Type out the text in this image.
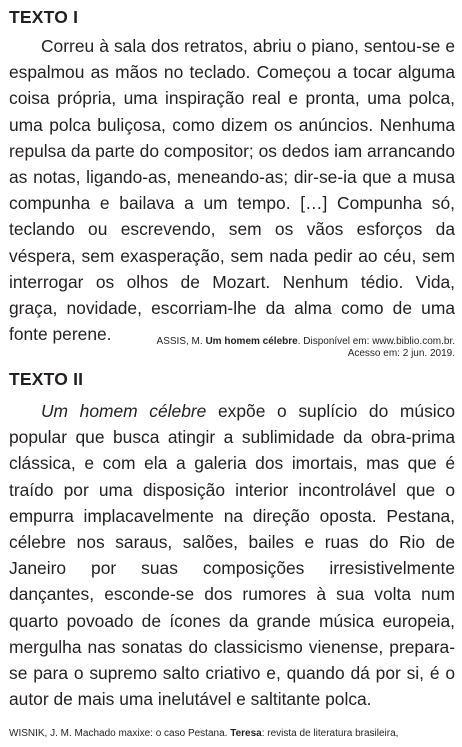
TEXTO I

Correu à sala dos retratos, abriu o piano, sentou-se e espalmou as mãos no teclado. Começou a tocar alguma coisa própria, uma inspiração real e pronta, uma polca, uma polca buliçosa, como dizem os anúncios. Nenhuma repulsa da parte do compositor; os dedos iam arrancando as notas, ligando-as, meneando-as; dir-se-ia que a musa compunha e bailava a um tempo. […] Compunha só, teclando ou escrevendo, sem os vãos esforços da véspera, sem exasperação, sem nada pedir ao céu, sem interrogar os olhos de Mozart. Nenhum tédio. Vida, graça, novidade, escorriam-lhe da alma como de uma fonte perene.	ASSIS, M. Um homem célebre. Disponível em: www.biblio.com.br.
Acesso em: 2 jun. 2019.
TEXTO II

Um homem célebre expõe o suplício do músico popular que busca atingir a sublimidade da obra-prima clássica, e com ela a galeria dos imortais, mas que é traído por uma disposição interior incontrolável que o empurra implacavelmente na direção oposta. Pestana, célebre nos saraus, salões, bailes e ruas do Rio de Janeiro por suas composições irresistivelmente dançantes, esconde-se dos rumores à sua volta num quarto povoado de ícones da grande música europeia, mergulha nas sonatas do classicismo vienense, prepara-se para o supremo salto criativo e, quando dá por si, é o autor de mais uma inelutável e saltitante polca.

WISNIK, J. M. Machado maxixe: o caso Pestana. Teresa: revista de literatura brasileira,
